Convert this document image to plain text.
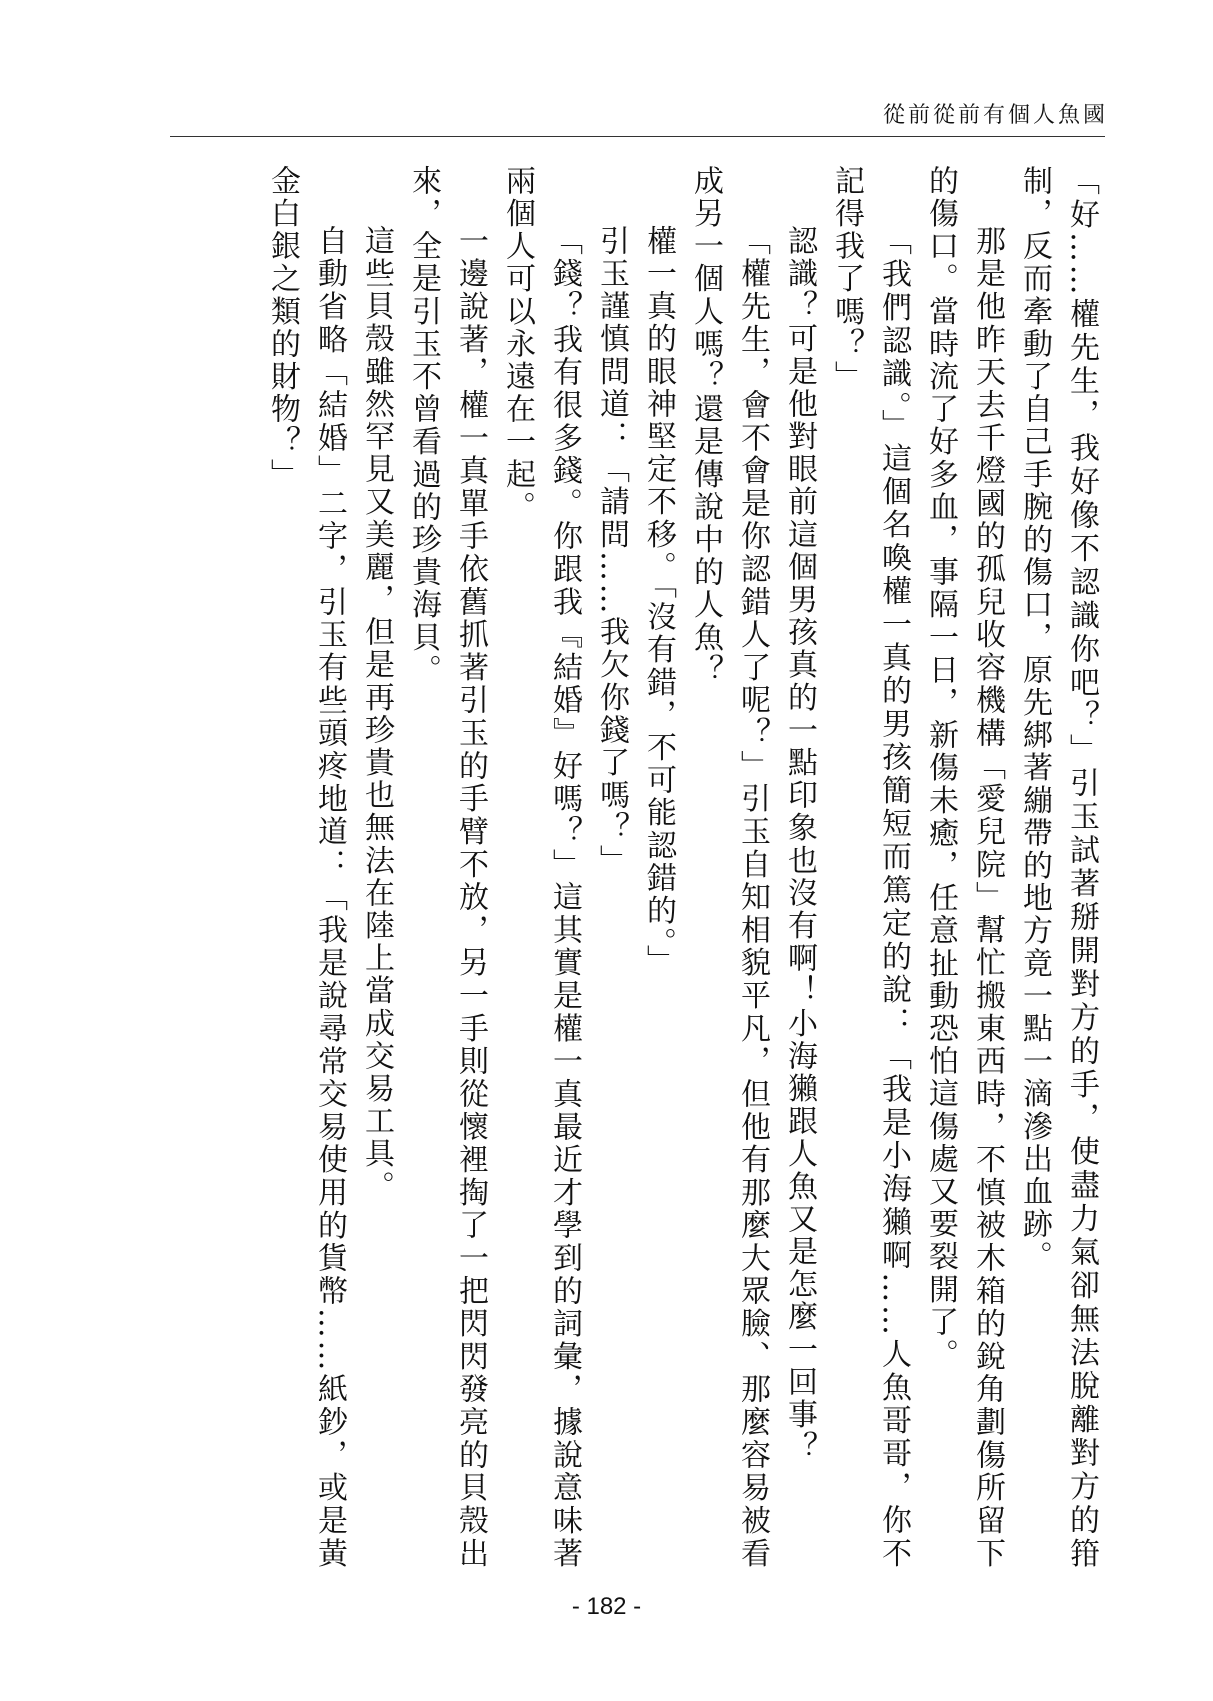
從前從前有個人魚國

「好……權先生，我好像不認識你吧？」引玉試著掰開對方的手，使盡力氣卻無法脫離對方的箝制，反而牽動了自己手腕的傷口，原先綁著繃帶的地方竟一點一滴滲出血跡。

那是他昨天去千燈國的孤兒收容機構「愛兒院」幫忙搬東西時，不慎被木箱的銳角劃傷所留下的傷口。當時流了好多血，事隔一日，新傷未癒，任意扯動恐怕這傷處又要裂開了。

「我們認識。」這個名喚權一真的男孩簡短而篤定的說：「我是小海獺啊……人魚哥哥，你不記得我了嗎？」

認識？可是他對眼前這個男孩真的一點印象也沒有啊！小海獺跟人魚又是怎麼一回事？

「權先生，會不會是你認錯人了呢？」引玉自知相貌平凡，但他有那麼大眾臉、那麼容易被看成另一個人嗎？還是傳說中的人魚？

權一真的眼神堅定不移。「沒有錯，不可能認錯的。」

引玉謹慎問道：「請問……我欠你錢了嗎？」

「錢？我有很多錢。你跟我『結婚』好嗎？」這其實是權一真最近才學到的詞彙，據說意味著兩個人可以永遠在一起。

一邊說著，權一真單手依舊抓著引玉的手臂不放，另一手則從懷裡掏了一把閃閃發亮的貝殼出來，全是引玉不曾看過的珍貴海貝。

這些貝殼雖然罕見又美麗，但是再珍貴也無法在陸上當成交易工具。

自動省略「結婚」二字，引玉有些頭疼地道：「我是說尋常交易使用的貨幣……紙鈔，或是黃金白銀之類的財物？」

- 182 -
